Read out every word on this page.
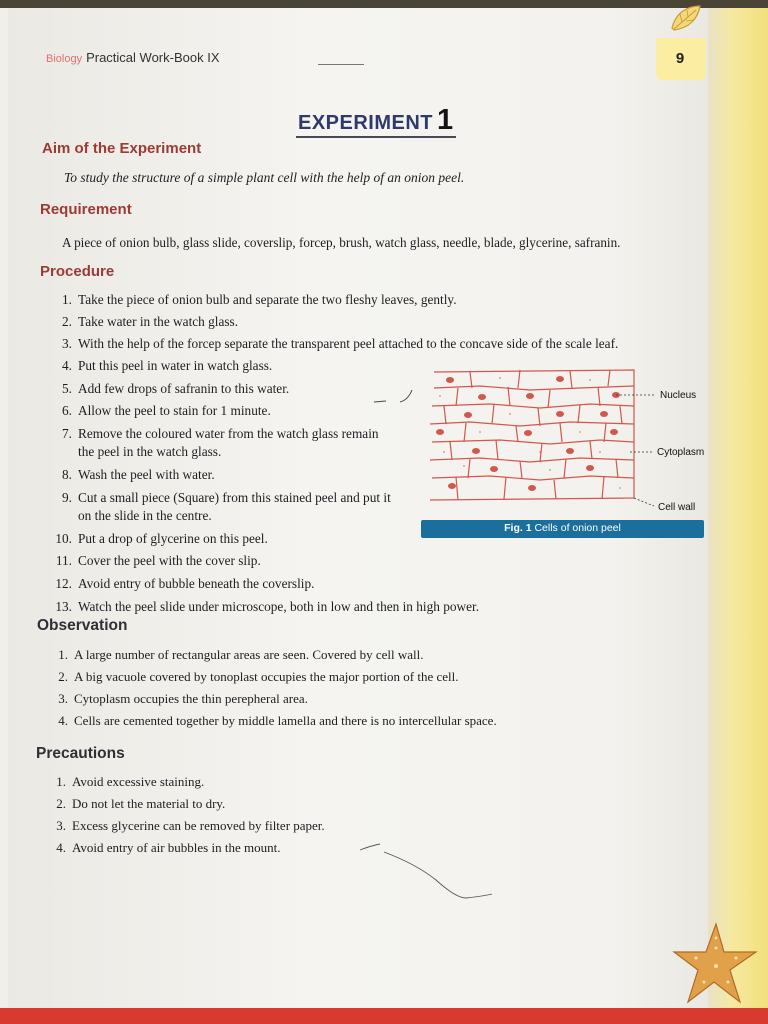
9
Biology Practical Work-Book IX
EXPERIMENT 1
Aim of the Experiment
To study the structure of a simple plant cell with the help of an onion peel.
Requirement
A piece of onion bulb, glass slide, coverslip, forcep, brush, watch glass, needle, blade, glycerine, safranin.
Procedure
1. Take the piece of onion bulb and separate the two fleshy leaves, gently.
2. Take water in the watch glass.
3. With the help of the forcep separate the transparent peel attached to the concave side of the scale leaf.
4. Put this peel in water in watch glass.
5. Add few drops of safranin to this water.
6. Allow the peel to stain for 1 minute.
7. Remove the coloured water from the watch glass remain
the peel in the watch glass.
8. Wash the peel with water.
9. Cut a small piece (Square) from this stained peel and put it
on the slide in the centre.
10. Put a drop of glycerine on this peel.
11. Cover the peel with the cover slip.
12. Avoid entry of bubble beneath the coverslip.
13. Watch the peel slide under microscope, both in low and then in high power.
Nucleus
Cytoplasm
Cell wall
Fig. 1 Cells of onion peel
Observation
1. A large number of rectangular areas are seen. Covered by cell wall.
2. A big vacuole covered by tonoplast occupies the major portion of the cell.
3. Cytoplasm occupies the thin perepheral area.
4. Cells are cemented together by middle lamella and there is no intercellular space.
Precautions
1. Avoid excessive staining.
2. Do not let the material to dry.
3. Excess glycerine can be removed by filter paper.
4. Avoid entry of air bubbles in the mount.
